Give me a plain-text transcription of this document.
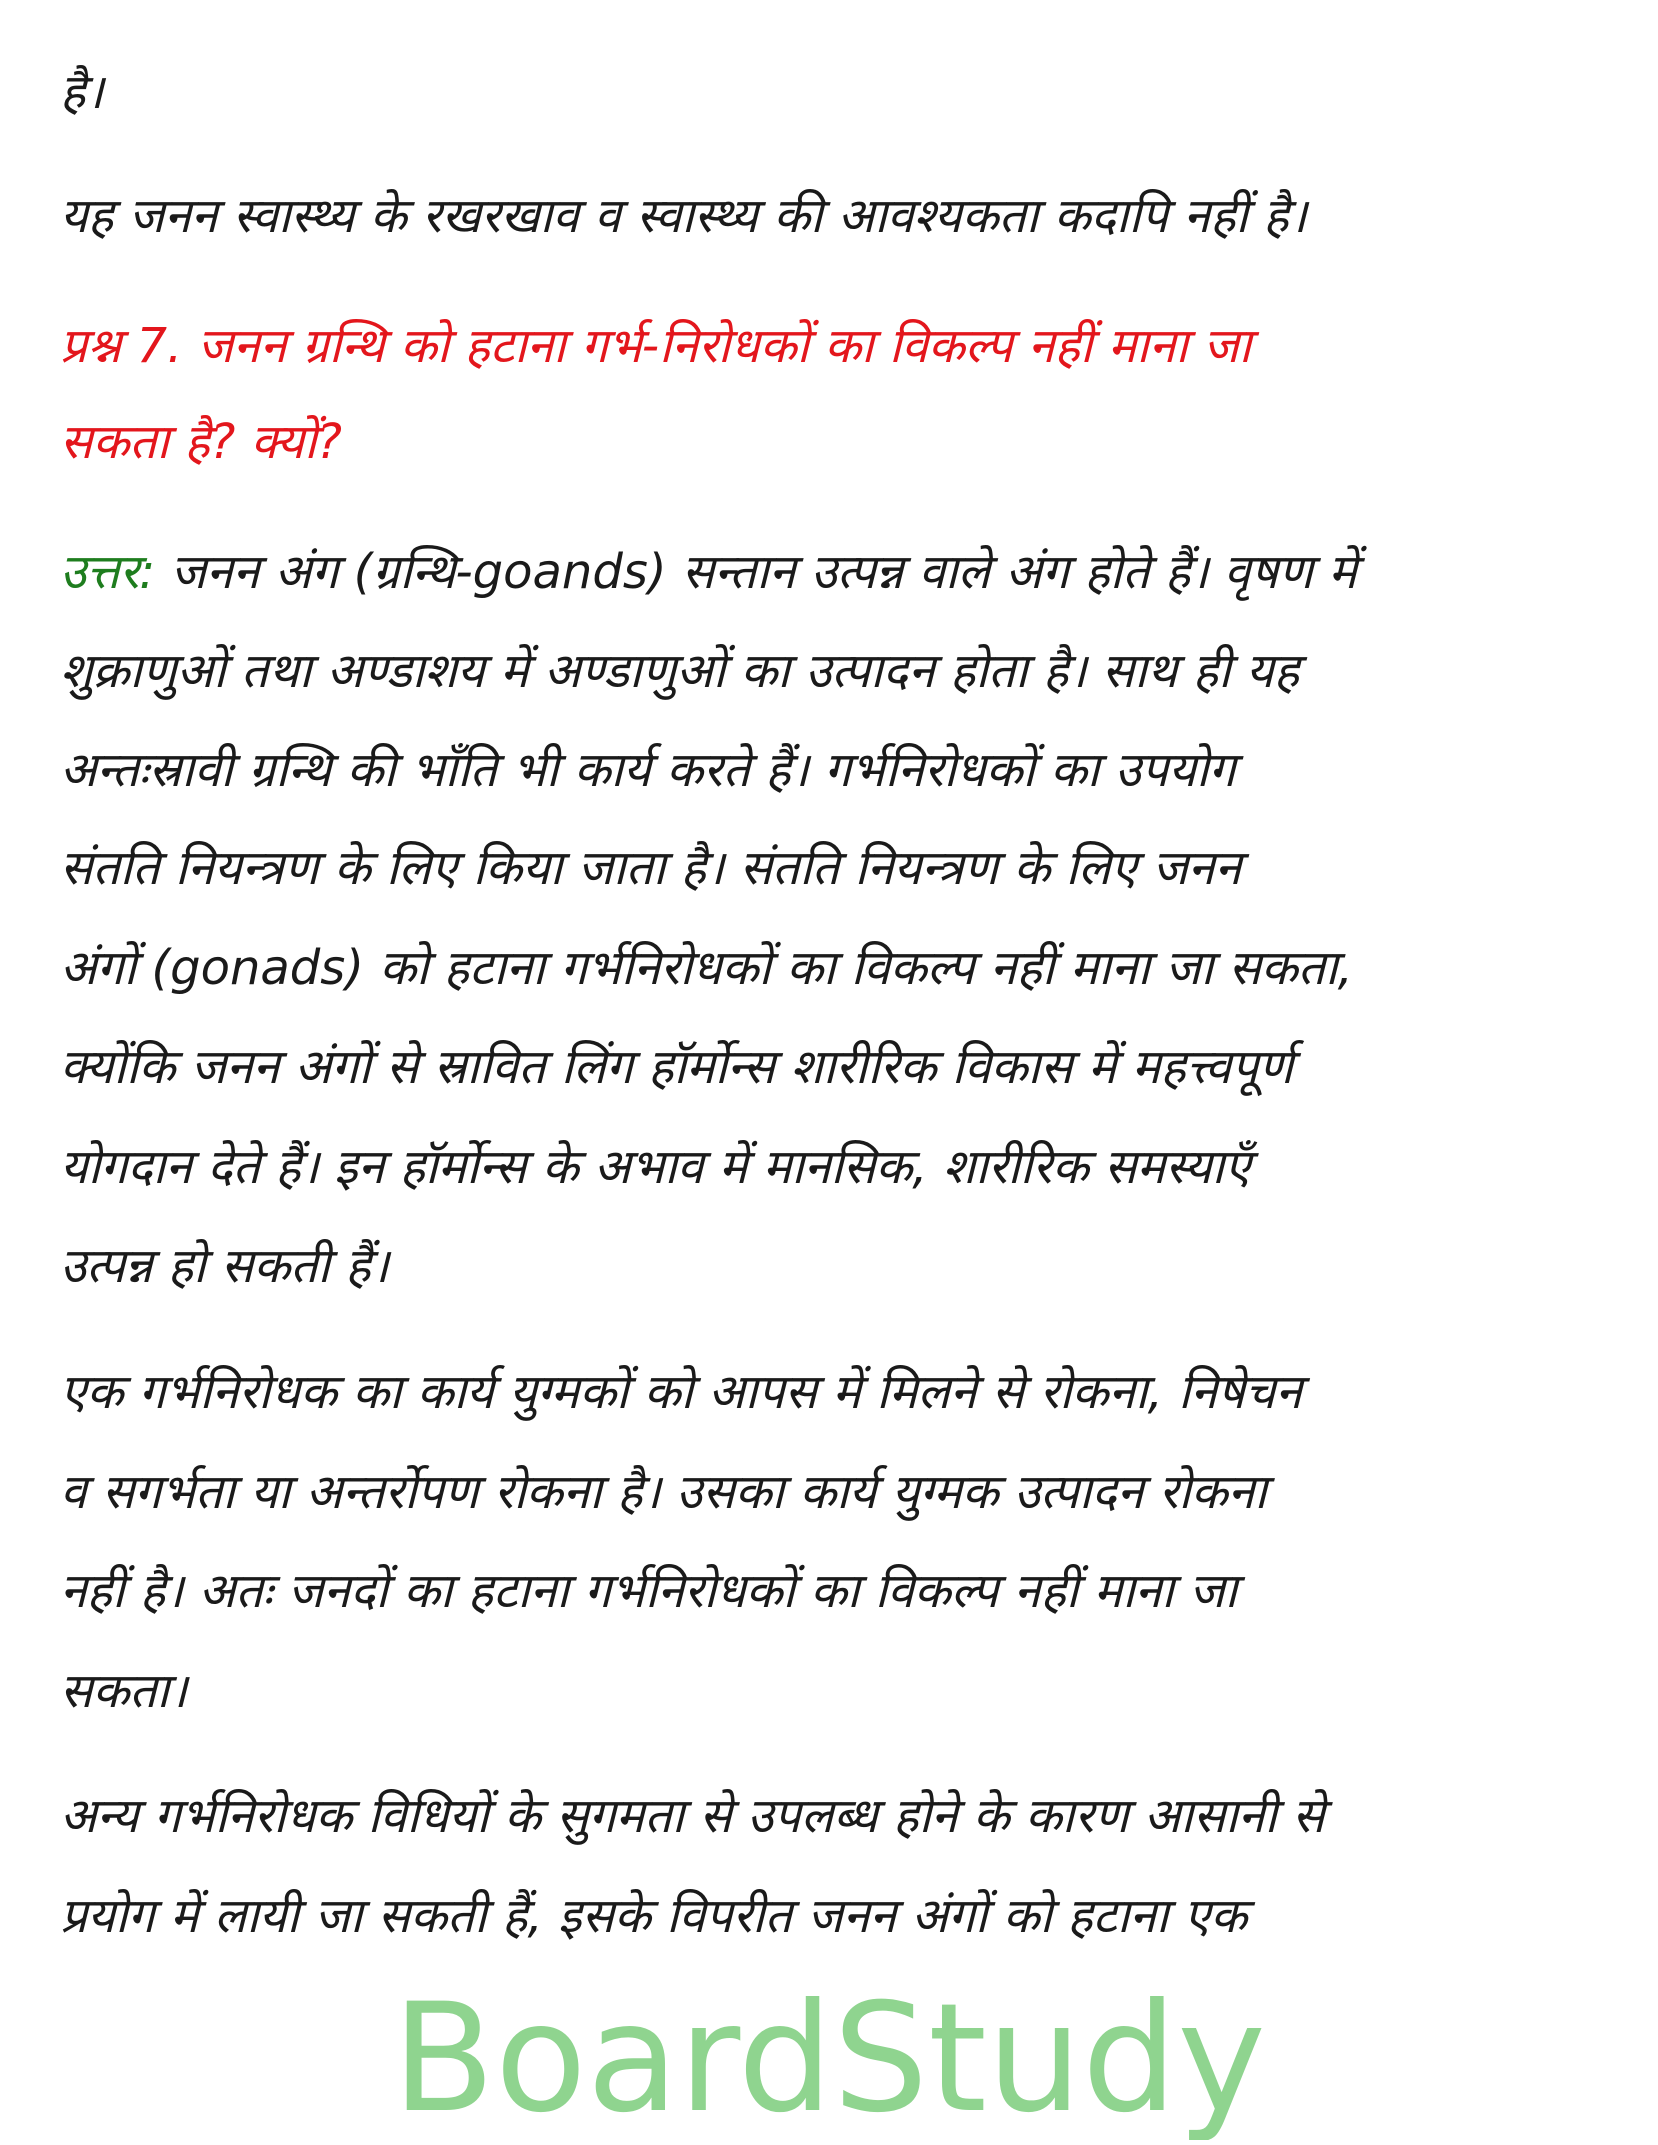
है।
यह जनन स्वास्थ्य के रखरखाव व स्वास्थ्य की आवश्यकता कदापि नहीं है।
प्रश्न 7. जनन ग्रन्थि को हटाना गर्भ-निरोधकों का विकल्प नहीं माना जा
सकता है? क्यों?
उत्तर: जनन अंग (ग्रन्थि-goands) सन्तान उत्पन्न वाले अंग होते हैं। वृषण में
शुक्राणुओं तथा अण्डाशय में अण्डाणुओं का उत्पादन होता है। साथ ही यह
अन्तःस्रावी ग्रन्थि की भाँति भी कार्य करते हैं। गर्भनिरोधकों का उपयोग
संतति नियन्त्रण के लिए किया जाता है। संतति नियन्त्रण के लिए जनन
अंगों (gonads) को हटाना गर्भनिरोधकों का विकल्प नहीं माना जा सकता,
क्योंकि जनन अंगों से स्रावित लिंग हॉर्मोन्स शारीरिक विकास में महत्त्वपूर्ण
योगदान देते हैं। इन हॉर्मोन्स के अभाव में मानसिक, शारीरिक समस्याएँ
उत्पन्न हो सकती हैं।
एक गर्भनिरोधक का कार्य युग्मकों को आपस में मिलने से रोकना, निषेचन
व सगर्भता या अन्तर्रोपण रोकना है। उसका कार्य युग्मक उत्पादन रोकना
नहीं है। अतः जनदों का हटाना गर्भनिरोधकों का विकल्प नहीं माना जा
सकता।
अन्य गर्भनिरोधक विधियों के सुगमता से उपलब्ध होने के कारण आसानी से
प्रयोग में लायी जा सकती हैं, इसके विपरीत जनन अंगों को हटाना एक
BoardStudy
